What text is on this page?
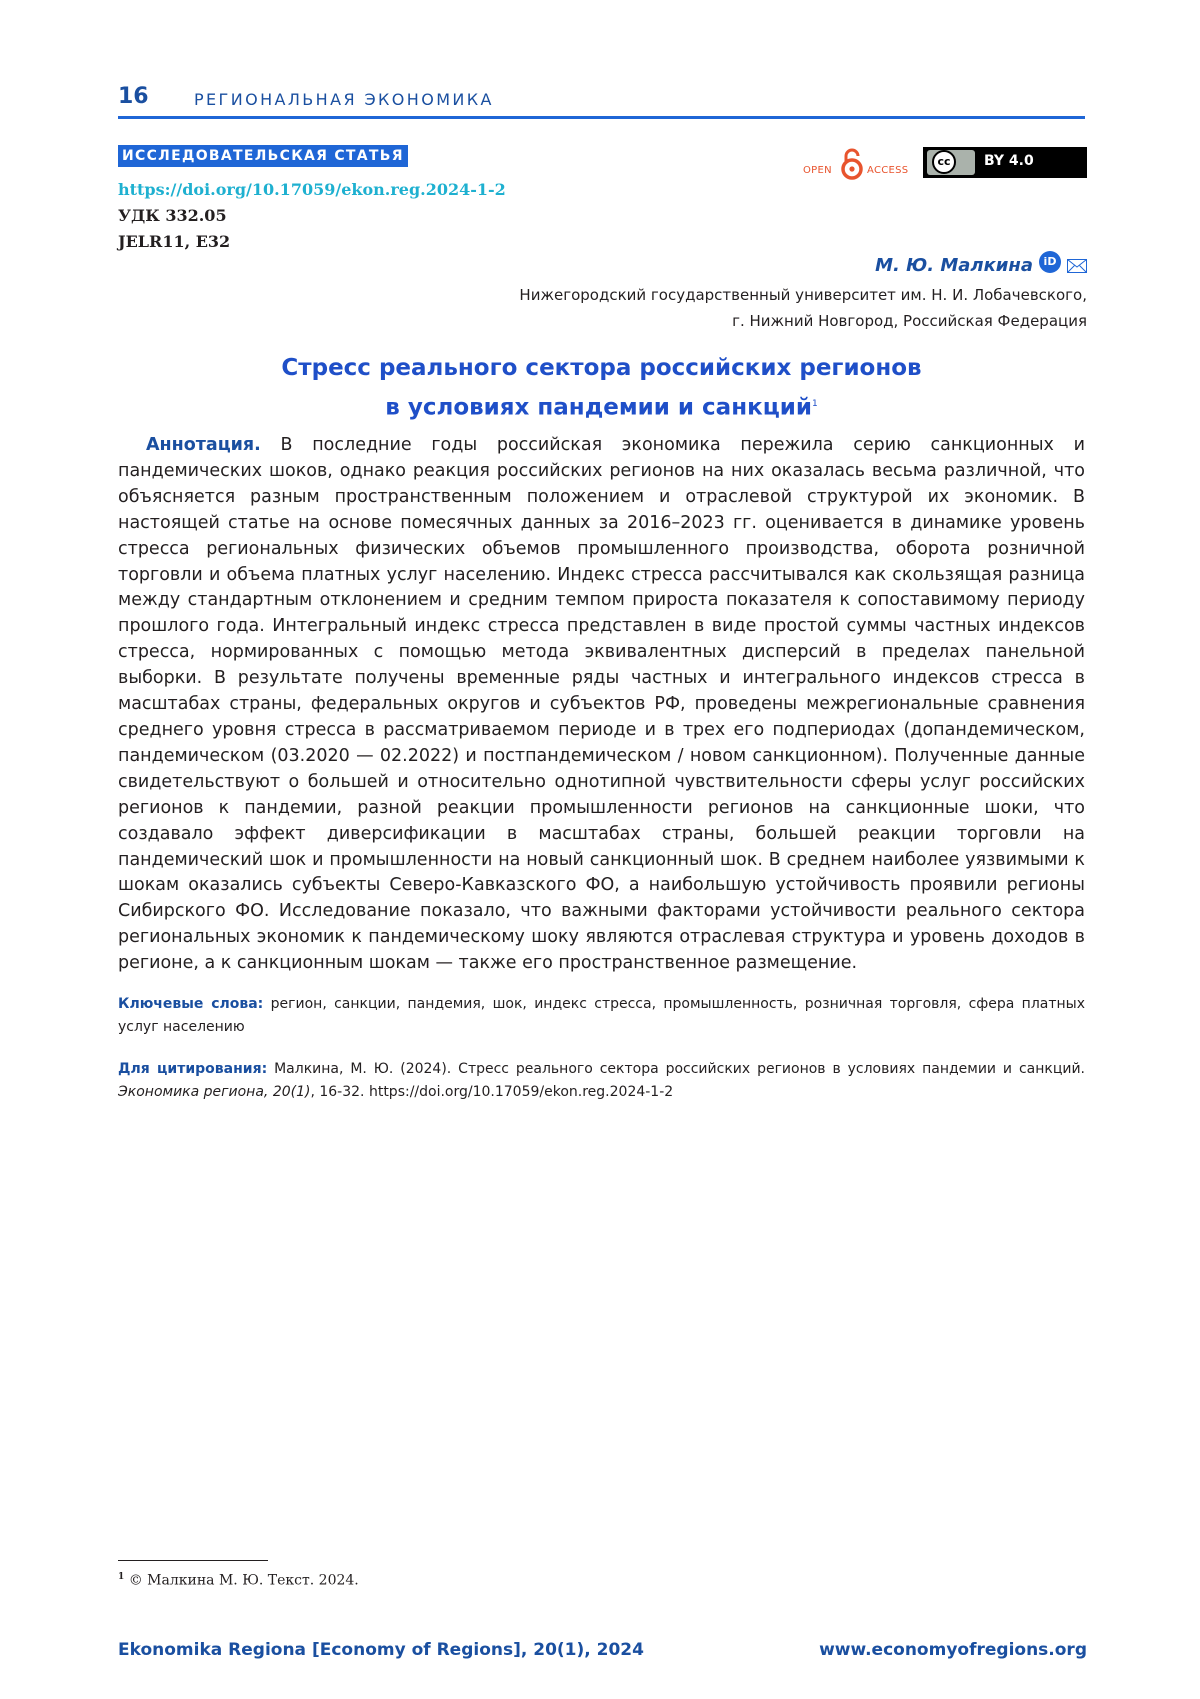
16	РЕГИОНАЛЬНАЯ ЭКОНОМИКА
ИССЛЕДОВАТЕЛЬСКАЯ СТАТЬЯ
https://doi.org/10.17059/ekon.reg.2024-1-2
УДК 332.05
JELR11, E32
OPEN	ACCESS
cc	BY 4.0
М. Ю. Малкина iD
Нижегородский государственный университет им. Н. И. Лобачевского,
г. Нижний Новгород, Российская Федерация
Стресс реального сектора российских регионов
в условиях пандемии и санкций$^1$
Аннотация. В последние годы российская экономика пережила серию санкционных и пандемических шоков, однако реакция российских регионов на них оказалась весьма различной, что объясняется разным пространственным положением и отраслевой структурой их экономик. В настоящей статье на основе помесячных данных за 2016–2023 гг. оценивается в динамике уровень стресса региональных физических объемов промышленного производства, оборота розничной торговли и объема платных услуг населению. Индекс стресса рассчитывался как скользящая разница между стандартным отклонением и средним темпом прироста показателя к сопоставимому периоду прошлого года. Интегральный индекс стресса представлен в виде простой суммы частных индексов стресса, нормированных с помощью метода эквивалентных дисперсий в пределах панельной выборки. В результате получены временные ряды частных и интегрального индексов стресса в масштабах страны, федеральных округов и субъектов РФ, проведены межрегиональные сравнения среднего уровня стресса в рассматриваемом периоде и в трех его подпериодах (допандемическом, пандемическом (03.2020 — 02.2022) и постпандемическом / новом санкционном). Полученные данные свидетельствуют о большей и относительно однотипной чувствительности сферы услуг российских регионов к пандемии, разной реакции промышленности регионов на санкционные шоки, что создавало эффект диверсификации в масштабах страны, большей реакции торговли на пандемический шок и промышленности на новый санкционный шок. В среднем наиболее уязвимыми к шокам оказались субъекты Северо-Кавказского ФО, а наибольшую устойчивость проявили регионы Сибирского ФО. Исследование показало, что важными факторами устойчивости реального сектора региональных экономик к пандемическому шоку являются отраслевая структура и уровень доходов в регионе, а к санкционным шокам — также его пространственное размещение.
Ключевые слова: регион, санкции, пандемия, шок, индекс стресса, промышленность, розничная торговля, сфера платных услуг населению
Для цитирования: Малкина, М. Ю. (2024). Стресс реального сектора российских регионов в условиях пандемии и санкций. Экономика региона, 20(1), 16-32. https://doi.org/10.17059/ekon.reg.2024-1-2
$^1$ © Малкина М. Ю. Текст. 2024.
Ekonomika Regiona [Economy of Regions], 20(1), 2024	www.economyofregions.org
